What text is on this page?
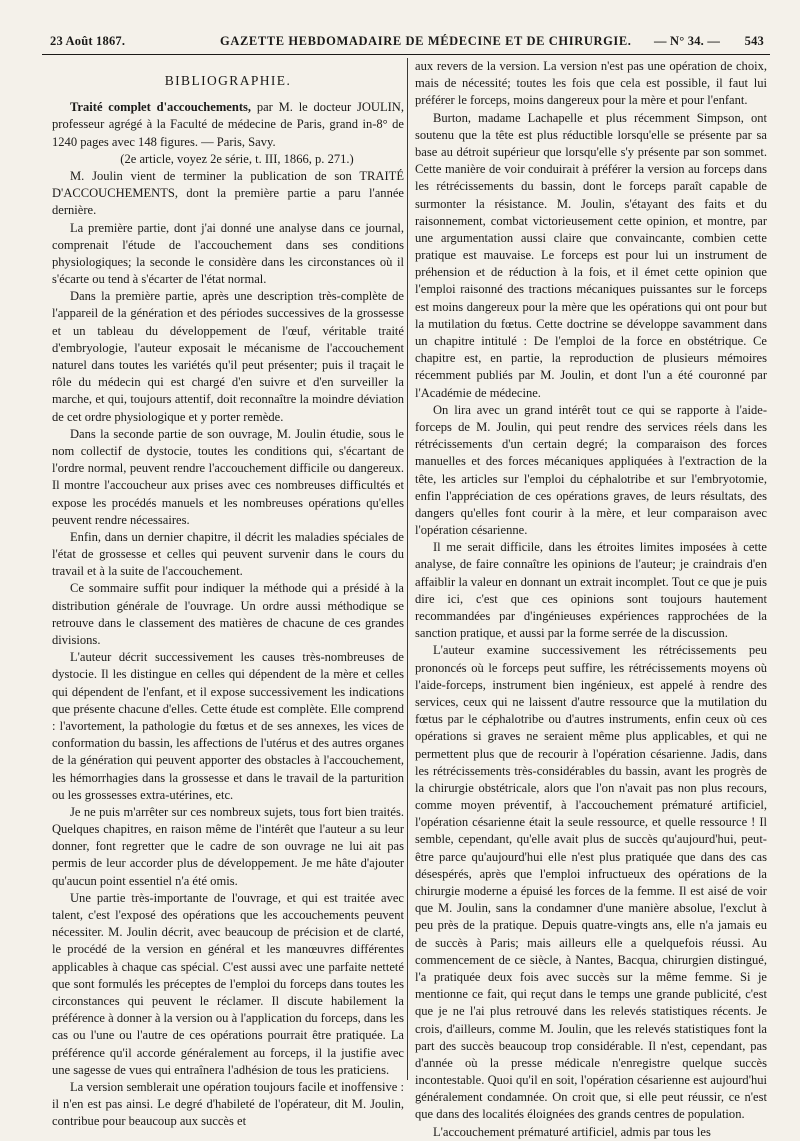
23 Août 1867.	GAZETTE HEBDOMADAIRE DE MÉDECINE ET DE CHIRURGIE. — N° 34. — 543
BIBLIOGRAPHIE.

Traité complet d'accouchements, par M. le docteur JOULIN, professeur agrégé à la Faculté de médecine de Paris, grand in-8° de 1240 pages avec 148 figures. — Paris, Savy.

(2e article, voyez 2e série, t. III, 1866, p. 271.)

M. Joulin vient de terminer la publication de son TRAITÉ D'ACCOUCHEMENTS, dont la première partie a paru l'année dernière.

La première partie, dont j'ai donné une analyse dans ce journal, comprenait l'étude de l'accouchement dans ses conditions physiologiques; la seconde le considère dans les circonstances où il s'écarte ou tend à s'écarter de l'état normal.

Dans la première partie, après une description très-complète de l'appareil de la génération et des périodes successives de la grossesse et un tableau du développement de l'œuf, véritable traité d'embryologie, l'auteur exposait le mécanisme de l'accouchement naturel dans toutes les variétés qu'il peut présenter; puis il traçait le rôle du médecin qui est chargé d'en suivre et d'en surveiller la marche, et qui, toujours attentif, doit reconnaître la moindre déviation de cet ordre physiologique et y porter remède.

Dans la seconde partie de son ouvrage, M. Joulin étudie, sous le nom collectif de dystocie, toutes les conditions qui, s'écartant de l'ordre normal, peuvent rendre l'accouchement difficile ou dangereux. Il montre l'accoucheur aux prises avec ces nombreuses difficultés et expose les procédés manuels et les nombreuses opérations qu'elles peuvent rendre nécessaires.

Enfin, dans un dernier chapitre, il décrit les maladies spéciales de l'état de grossesse et celles qui peuvent survenir dans le cours du travail et à la suite de l'accouchement.

Ce sommaire suffit pour indiquer la méthode qui a présidé à la distribution générale de l'ouvrage. Un ordre aussi méthodique se retrouve dans le classement des matières de chacune de ces grandes divisions.

L'auteur décrit successivement les causes très-nombreuses de dystocie. Il les distingue en celles qui dépendent de la mère et celles qui dépendent de l'enfant, et il expose successivement les indications que présente chacune d'elles. Cette étude est complète. Elle comprend : l'avortement, la pathologie du fœtus et de ses annexes, les vices de conformation du bassin, les affections de l'utérus et des autres organes de la génération qui peuvent apporter des obstacles à l'accouchement, les hémorrhagies dans la grossesse et dans le travail de la parturition ou les grossesses extra-utérines, etc.

Je ne puis m'arrêter sur ces nombreux sujets, tous fort bien traités. Quelques chapitres, en raison même de l'intérêt que l'auteur a su leur donner, font regretter que le cadre de son ouvrage ne lui ait pas permis de leur accorder plus de développement. Je me hâte d'ajouter qu'aucun point essentiel n'a été omis.

Une partie très-importante de l'ouvrage, et qui est traitée avec talent, c'est l'exposé des opérations que les accouchements peuvent nécessiter. M. Joulin décrit, avec beaucoup de précision et de clarté, le procédé de la version en général et les manœuvres différentes applicables à chaque cas spécial. C'est aussi avec une parfaite netteté que sont formulés les préceptes de l'emploi du forceps dans toutes les circonstances qui peuvent le réclamer. Il discute habilement la préférence à donner à la version ou à l'application du forceps, dans les cas ou l'une ou l'autre de ces opérations pourrait être pratiquée. La préférence qu'il accorde généralement au forceps, il la justifie avec une sagesse de vues qui entraînera l'adhésion de tous les praticiens.

La version semblerait une opération toujours facile et inoffensive : il n'en est pas ainsi. Le degré d'habileté de l'opérateur, dit M. Joulin, contribue pour beaucoup aux succès et

aux revers de la version. La version n'est pas une opération de choix, mais de nécessité; toutes les fois que cela est possible, il faut lui préférer le forceps, moins dangereux pour la mère et pour l'enfant.

Burton, madame Lachapelle et plus récemment Simpson, ont soutenu que la tête est plus réductible lorsqu'elle se présente par sa base au détroit supérieur que lorsqu'elle s'y présente par son sommet. Cette manière de voir conduirait à préférer la version au forceps dans les rétrécissements du bassin, dont le forceps paraît capable de surmonter la résistance. M. Joulin, s'étayant des faits et du raisonnement, combat victorieusement cette opinion, et montre, par une argumentation aussi claire que convaincante, combien cette pratique est mauvaise. Le forceps est pour lui un instrument de préhension et de réduction à la fois, et il émet cette opinion que l'emploi raisonné des tractions mécaniques puissantes sur le forceps est moins dangereux pour la mère que les opérations qui ont pour but la mutilation du fœtus. Cette doctrine se développe savamment dans un chapitre intitulé : De l'emploi de la force en obstétrique. Ce chapitre est, en partie, la reproduction de plusieurs mémoires récemment publiés par M. Joulin, et dont l'un a été couronné par l'Académie de médecine.

On lira avec un grand intérêt tout ce qui se rapporte à l'aide-forceps de M. Joulin, qui peut rendre des services réels dans les rétrécissements d'un certain degré; la comparaison des forces manuelles et des forces mécaniques appliquées à l'extraction de la tête, les articles sur l'emploi du céphalotribe et sur l'embryotomie, enfin l'appréciation de ces opérations graves, de leurs résultats, des dangers qu'elles font courir à la mère, et leur comparaison avec l'opération césarienne.

Il me serait difficile, dans les étroites limites imposées à cette analyse, de faire connaître les opinions de l'auteur; je craindrais d'en affaiblir la valeur en donnant un extrait incomplet. Tout ce que je puis dire ici, c'est que ces opinions sont toujours hautement recommandées par d'ingénieuses expériences rapprochées de la sanction pratique, et aussi par la forme serrée de la discussion.

L'auteur examine successivement les rétrécissements peu prononcés où le forceps peut suffire, les rétrécissements moyens où l'aide-forceps, instrument bien ingénieux, est appelé à rendre des services, ceux qui ne laissent d'autre ressource que la mutilation du fœtus par le céphalotribe ou d'autres instruments, enfin ceux où ces opérations si graves ne seraient même plus applicables, et qui ne permettent plus que de recourir à l'opération césarienne. Jadis, dans les rétrécissements très-considérables du bassin, avant les progrès de la chirurgie obstétricale, alors que l'on n'avait pas non plus recours, comme moyen préventif, à l'accouchement prématuré artificiel, l'opération césarienne était la seule ressource, et quelle ressource ! Il semble, cependant, qu'elle avait plus de succès qu'aujourd'hui, peut-être parce qu'aujourd'hui elle n'est plus pratiquée que dans des cas désespérés, après que l'emploi infructueux des opérations de la chirurgie moderne a épuisé les forces de la femme. Il est aisé de voir que M. Joulin, sans la condamner d'une manière absolue, l'exclut à peu près de la pratique. Depuis quatre-vingts ans, elle n'a jamais eu de succès à Paris; mais ailleurs elle a quelquefois réussi. Au commencement de ce siècle, à Nantes, Bacqua, chirurgien distingué, l'a pratiquée deux fois avec succès sur la même femme. Si je mentionne ce fait, qui reçut dans le temps une grande publicité, c'est que je ne l'ai plus retrouvé dans les relevés statistiques récents. Je crois, d'ailleurs, comme M. Joulin, que les relevés statistiques font la part des succès beaucoup trop considérable. Il n'est, cependant, pas d'année où la presse médicale n'enregistre quelque succès incontestable. Quoi qu'il en soit, l'opération césarienne est aujourd'hui généralement condamnée. On croit que, si elle peut réussir, ce n'est que dans des localités éloignées des grands centres de population.

L'accouchement prématuré artificiel, admis par tous les
